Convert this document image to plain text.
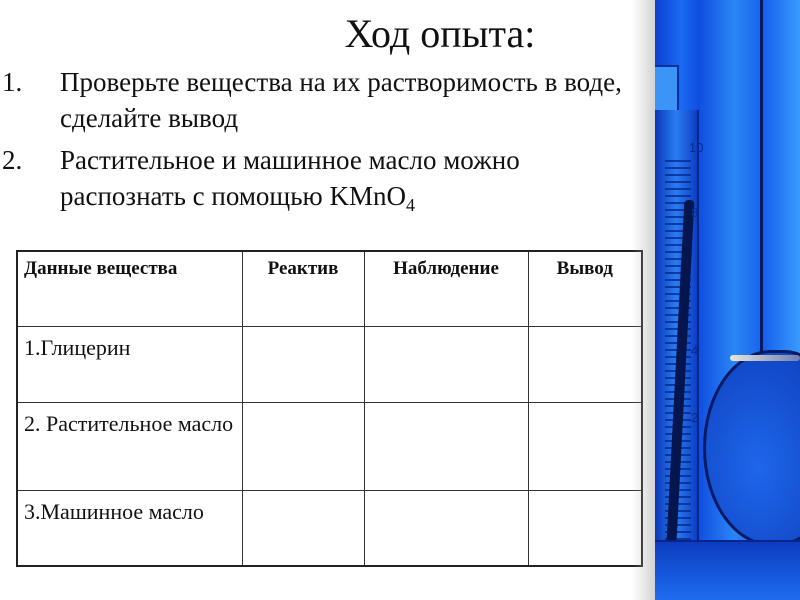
Ход опыта:
1. Проверьте вещества на их растворимость в воде, сделайте вывод
2. Растительное и машинное масло можно распознать с помощью KMnO$_4$
Данные вещества	Реактив	Наблюдение	Вывод
1.Глицерин			
2. Растительное масло			
3.Машинное масло			
10
8
4
2
